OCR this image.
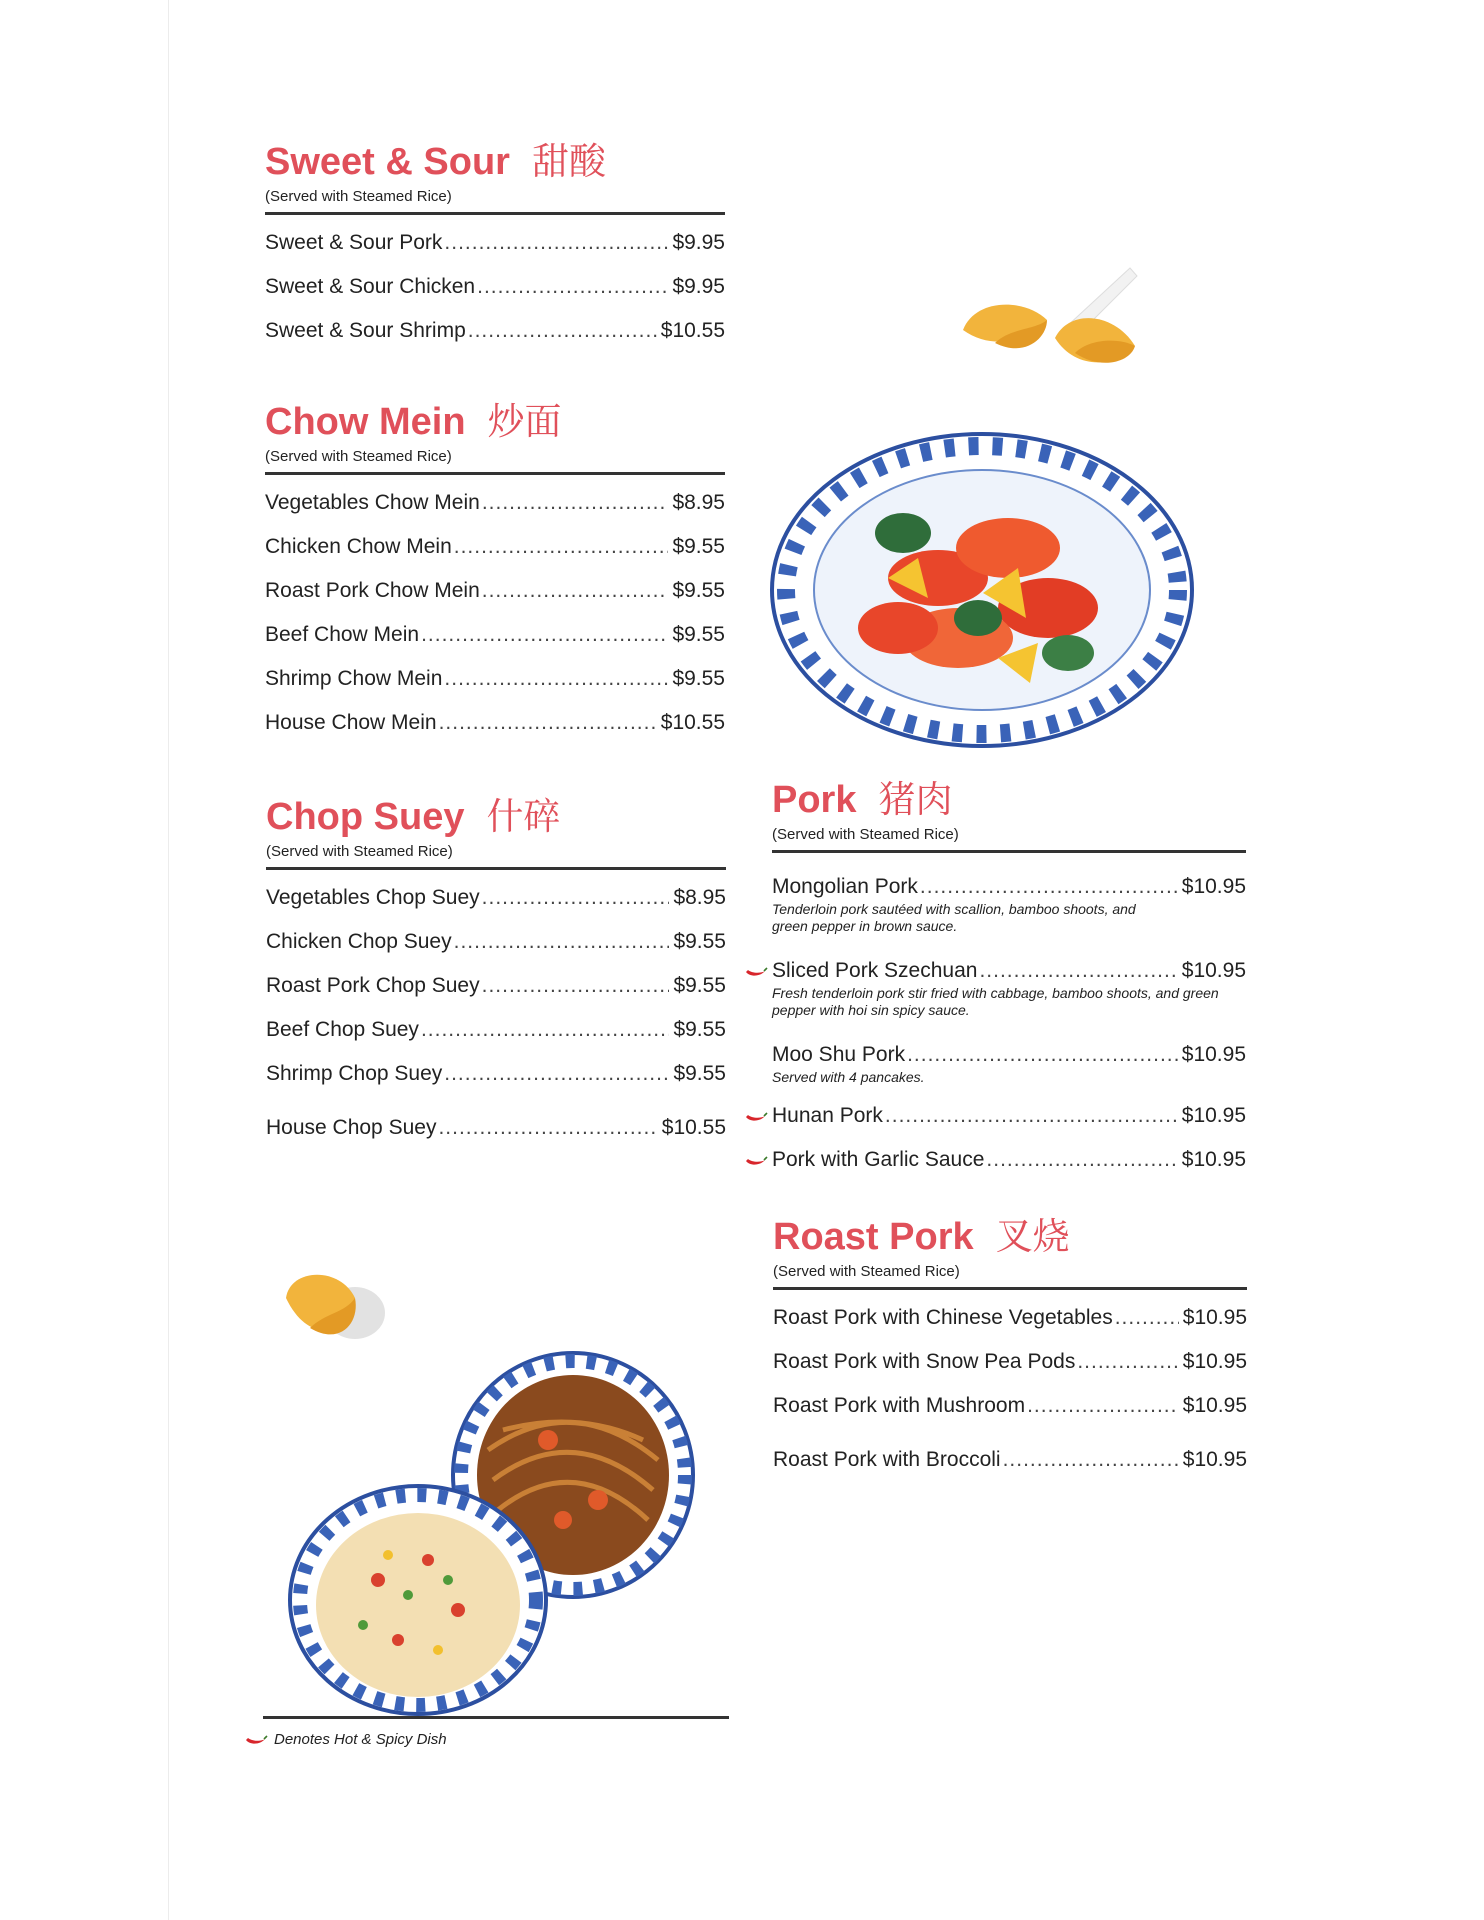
Sweet & Sour 甜酸
(Served with Steamed Rice)
Sweet & Sour Pork .....	$9.95
Sweet & Sour Chicken .....	$9.95
Sweet & Sour Shrimp .....	$10.55
Chow Mein 炒面
(Served with Steamed Rice)
Vegetables Chow Mein .....	$8.95
Chicken Chow Mein .....	$9.55
Roast Pork Chow Mein .....	$9.55
Beef Chow Mein .....	$9.55
Shrimp Chow Mein .....	$9.55
House Chow Mein .....	$10.55
Chop Suey 什碎
(Served with Steamed Rice)
Vegetables Chop Suey .....	$8.95
Chicken Chop Suey .....	$9.55
Roast Pork Chop Suey .....	$9.55
Beef Chop Suey .....	$9.55
Shrimp Chop Suey .....	$9.55
House Chop Suey .....	$10.55
Pork 猪肉
(Served with Steamed Rice)
Mongolian Pork .....	$10.95
Tenderloin pork sautéed with scallion, bamboo shoots, and green pepper in brown sauce.
Sliced Pork Szechuan .....	$10.95
Fresh tenderloin pork stir fried with cabbage, bamboo shoots, and green pepper with hoi sin spicy sauce.
Moo Shu Pork .....	$10.95
Served with 4 pancakes.
Hunan Pork .....	$10.95
Pork with Garlic Sauce .....	$10.95
Roast Pork 叉烧
(Served with Steamed Rice)
Roast Pork with Chinese Vegetables .....	$10.95
Roast Pork with Snow Pea Pods .....	$10.95
Roast Pork with Mushroom .....	$10.95
Roast Pork with Broccoli .....	$10.95
Denotes Hot & Spicy Dish
